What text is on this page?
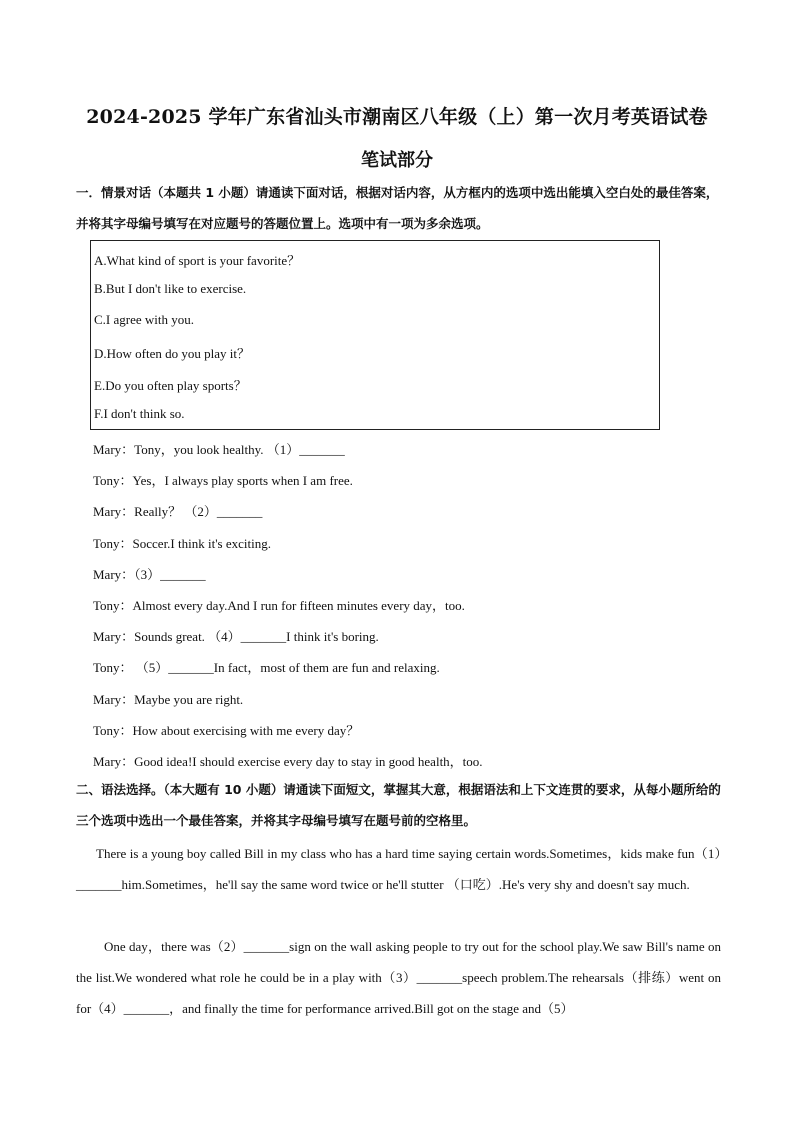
2024-2025 学年广东省汕头市潮南区八年级（上）第一次月考英语试卷
笔试部分
一．情景对话（本题共 1 小题）请通读下面对话，根据对话内容，从方框内的选项中选出能填入空白处的最佳答案，并将其字母编号填写在对应题号的答题位置上。选项中有一项为多余选项。
A.What kind of sport is your favorite？
B.But I don't like to exercise.
C.I agree with you.
D.How often do you play it？
E.Do you often play sports？
F.I don't think so.
Mary：Tony，you look healthy. （1）_______
Tony：Yes，I always play sports when I am free.
Mary：Really？ （2）_______
Tony：Soccer.I think it's exciting.
Mary：（3）_______
Tony：Almost every day.And I run for fifteen minutes every day，too.
Mary：Sounds great. （4）_______I think it's boring.
Tony： （5）_______In fact，most of them are fun and relaxing.
Mary：Maybe you are right.
Tony：How about exercising with me every day？
Mary：Good idea!I should exercise every day to stay in good health，too.
二、语法选择。（本大题有 10 小题）请通读下面短文，掌握其大意，根据语法和上下文连贯的要求，从每小题所给的三个选项中选出一个最佳答案，并将其字母编号填写在题号前的空格里。
There is a young boy called Bill in my class who has a hard time saying certain words.Sometimes，kids make fun（1）_______him.Sometimes，he'll say the same word twice or he'll stutter （口吃）.He's very shy and doesn't say much.
One day，there was（2）_______sign on the wall asking people to try out for the school play.We saw Bill's name on the list.We wondered what role he could be in a play with（3）_______speech problem.The rehearsals（排练）went on for（4）_______，and finally the time for performance arrived.Bill got on the stage and（5）
